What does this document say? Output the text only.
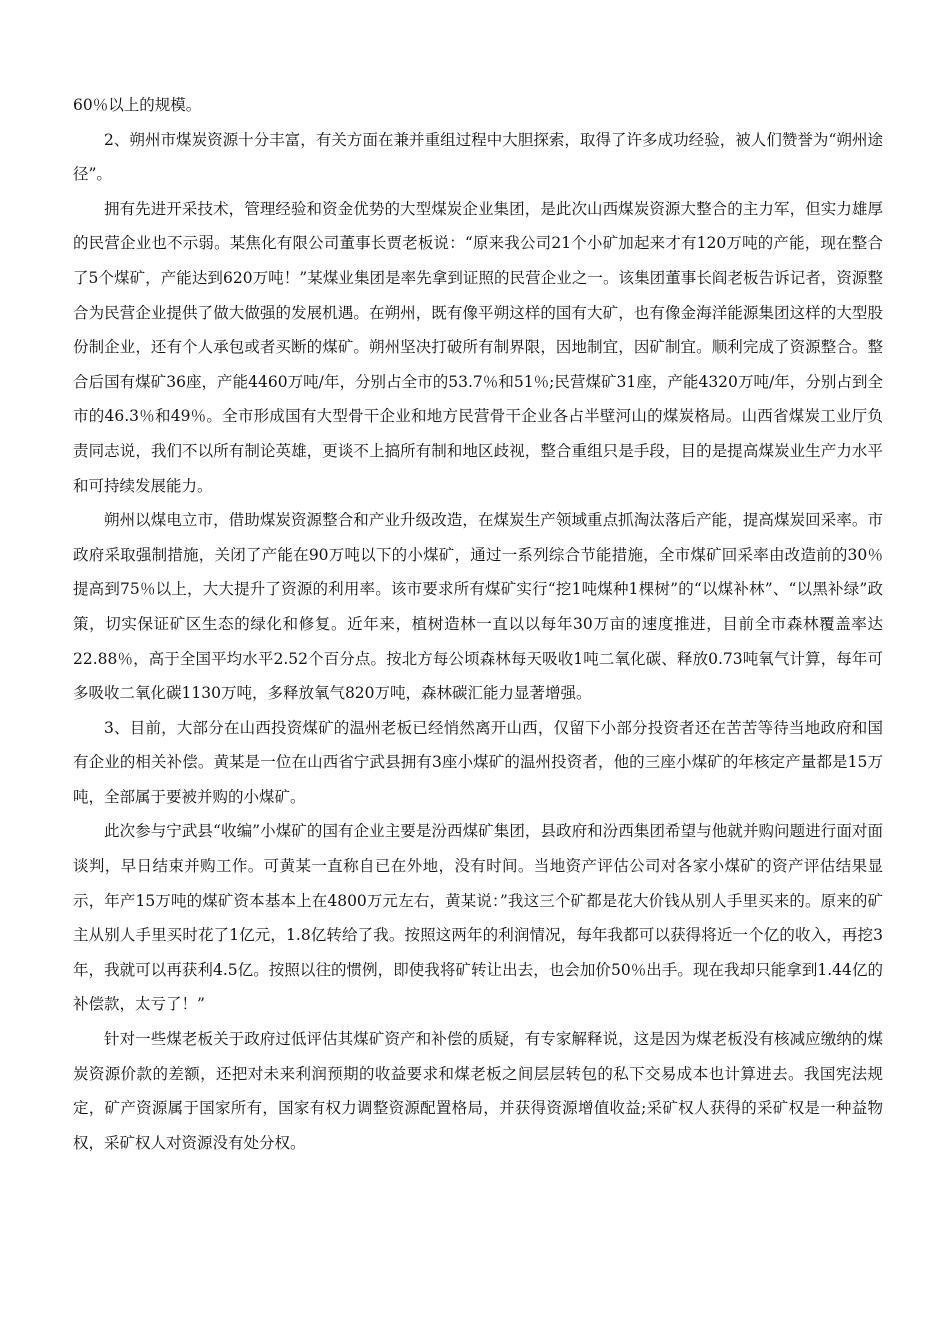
60％以上的规模。

2、朔州市煤炭资源十分丰富，有关方面在兼并重组过程中大胆探索，取得了许多成功经验，被人们赞誉为“朔州途径”。

拥有先进开采技术，管理经验和资金优势的大型煤炭企业集团，是此次山西煤炭资源大整合的主力军，但实力雄厚的民营企业也不示弱。某焦化有限公司董事长贾老板说：“原来我公司21个小矿加起来才有120万吨的产能，现在整合了5个煤矿，产能达到620万吨！”某煤业集团是率先拿到证照的民营企业之一。该集团董事长阎老板告诉记者，资源整合为民营企业提供了做大做强的发展机遇。在朔州，既有像平朔这样的国有大矿，也有像金海洋能源集团这样的大型股份制企业，还有个人承包或者买断的煤矿。朔州坚决打破所有制界限，因地制宜，因矿制宜。顺利完成了资源整合。整合后国有煤矿36座，产能4460万吨/年，分别占全市的53.7％和51％;民营煤矿31座，产能4320万吨/年，分别占到全市的46.3％和49％。全市形成国有大型骨干企业和地方民营骨干企业各占半壁河山的煤炭格局。山西省煤炭工业厅负责同志说，我们不以所有制论英雄，更谈不上搞所有制和地区歧视，整合重组只是手段，目的是提高煤炭业生产力水平和可持续发展能力。

朔州以煤电立市，借助煤炭资源整合和产业升级改造，在煤炭生产领域重点抓淘汰落后产能，提高煤炭回采率。市政府采取强制措施，关闭了产能在90万吨以下的小煤矿，通过一系列综合节能措施，全市煤矿回采率由改造前的30％提高到75％以上，大大提升了资源的利用率。该市要求所有煤矿实行“挖1吨煤种1棵树”的“以煤补林”、“以黑补绿”政策，切实保证矿区生态的绿化和修复。近年来，植树造林一直以以每年30万亩的速度推进，目前全市森林覆盖率达22.88％，高于全国平均水平2.52个百分点。按北方每公顷森林每天吸收1吨二氧化碳、释放0.73吨氧气计算，每年可多吸收二氧化碳1130万吨，多释放氧气820万吨，森林碳汇能力显著增强。

3、目前，大部分在山西投资煤矿的温州老板已经悄然离开山西，仅留下小部分投资者还在苦苦等待当地政府和国有企业的相关补偿。黄某是一位在山西省宁武县拥有3座小煤矿的温州投资者，他的三座小煤矿的年核定产量都是15万吨，全部属于要被并购的小煤矿。

此次参与宁武县“收编”小煤矿的国有企业主要是汾西煤矿集团，县政府和汾西集团希望与他就并购问题进行面对面谈判，早日结束并购工作。可黄某一直称自已在外地，没有时间。当地资产评估公司对各家小煤矿的资产评估结果显示，年产15万吨的煤矿资本基本上在4800万元左右，黄某说：”我这三个矿都是花大价钱从别人手里买来的。原来的矿主从别人手里买时花了1亿元，1.8亿转给了我。按照这两年的利润情况，每年我都可以获得将近一个亿的收入，再挖3年，我就可以再获利4.5亿。按照以往的惯例，即使我将矿转让出去，也会加价50％出手。现在我却只能拿到1.44亿的补偿款，太亏了！”

针对一些煤老板关于政府过低评估其煤矿资产和补偿的质疑，有专家解释说，这是因为煤老板没有核减应缴纳的煤炭资源价款的差额，还把对未来利润预期的收益要求和煤老板之间层层转包的私下交易成本也计算进去。我国宪法规定，矿产资源属于国家所有，国家有权力调整资源配置格局，并获得资源增值收益;采矿权人获得的采矿权是一种益物权，采矿权人对资源没有处分权。
